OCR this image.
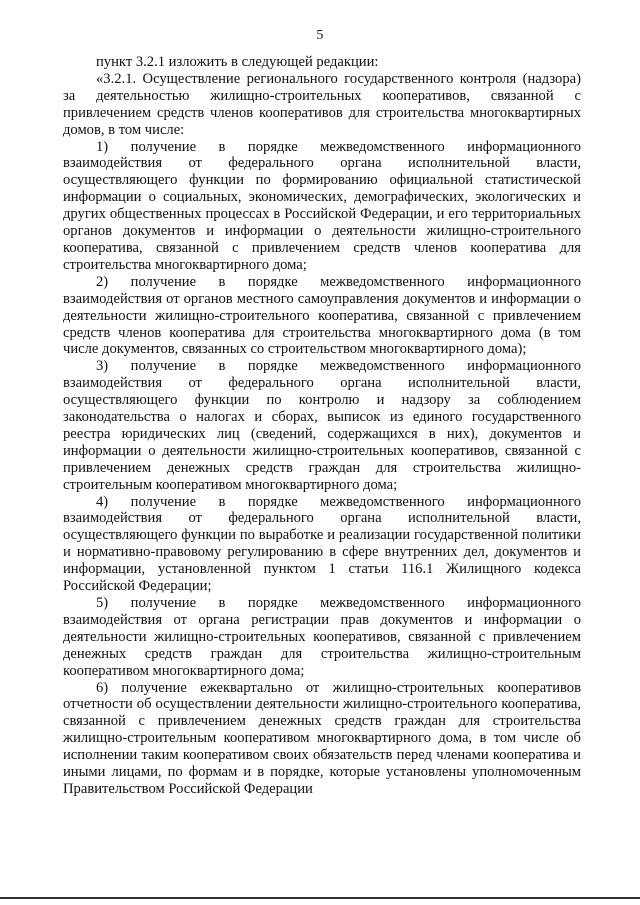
5

пункт 3.2.1 изложить в следующей редакции:

«3.2.1. Осуществление регионального государственного контроля (надзора) за деятельностью жилищно-строительных кооперативов, связанной с привлечением средств членов кооперативов для строительства многоквартирных домов, в том числе:

1) получение в порядке межведомственного информационного взаимодействия от федерального органа исполнительной власти, осуществляющего функции по формированию официальной статистической информации о социальных, экономических, демографических, экологических и других общественных процессах в Российской Федерации, и его территориальных органов документов и информации о деятельности жилищно-строительного кооператива, связанной с привлечением средств членов кооператива для строительства многоквартирного дома;

2) получение в порядке межведомственного информационного взаимодействия от органов местного самоуправления документов и информации о деятельности жилищно-строительного кооператива, связанной с привлечением средств членов кооператива для строительства многоквартирного дома (в том числе документов, связанных со строительством многоквартирного дома);

3) получение в порядке межведомственного информационного взаимодействия от федерального органа исполнительной власти, осуществляющего функции по контролю и надзору за соблюдением законодательства о налогах и сборах, выписок из единого государственного реестра юридических лиц (сведений, содержащихся в них), документов и информации о деятельности жилищно-строительных кооперативов, связанной с привлечением денежных средств граждан для строительства жилищно-строительным кооперативом многоквартирного дома;

4) получение в порядке межведомственного информационного взаимодействия от федерального органа исполнительной власти, осуществляющего функции по выработке и реализации государственной политики и нормативно-правовому регулированию в сфере внутренних дел, документов и информации, установленной пунктом 1 статьи 116.1 Жилищного кодекса Российской Федерации;

5) получение в порядке межведомственного информационного взаимодействия от органа регистрации прав документов и информации о деятельности жилищно-строительных кооперативов, связанной с привлечением денежных средств граждан для строительства жилищно-строительным кооперативом многоквартирного дома;

6) получение ежеквартально от жилищно-строительных кооперативов отчетности об осуществлении деятельности жилищно-строительного кооператива, связанной с привлечением денежных средств граждан для строительства жилищно-строительным кооперативом многоквартирного дома, в том числе об исполнении таким кооперативом своих обязательств перед членами кооператива и иными лицами, по формам и в порядке, которые установлены уполномоченным Правительством Российской Федерации
